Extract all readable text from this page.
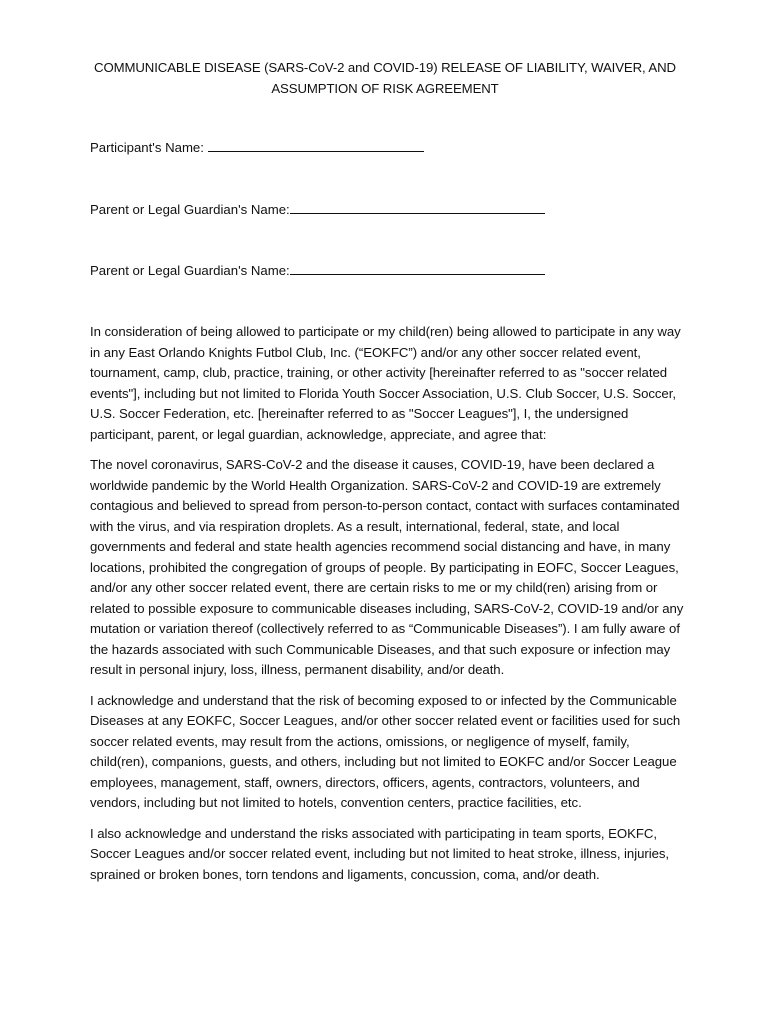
COMMUNICABLE DISEASE (SARS-CoV-2 and COVID-19) RELEASE OF LIABILITY, WAIVER, AND ASSUMPTION OF RISK AGREEMENT
Participant's Name:
Parent or Legal Guardian's Name:
Parent or Legal Guardian's Name:

In consideration of being allowed to participate or my child(ren) being allowed to participate in any way in any East Orlando Knights Futbol Club, Inc. (“EOKFC”) and/or any other soccer related event, tournament, camp, club, practice, training, or other activity [hereinafter referred to as "soccer related events"], including but not limited to Florida Youth Soccer Association, U.S. Club Soccer, U.S. Soccer, U.S. Soccer Federation, etc. [hereinafter referred to as "Soccer Leagues"], I, the undersigned participant, parent, or legal guardian, acknowledge, appreciate, and agree that:

The novel coronavirus, SARS-CoV-2 and the disease it causes, COVID-19, have been declared a worldwide pandemic by the World Health Organization. SARS-CoV-2 and COVID-19 are extremely contagious and believed to spread from person-to-person contact, contact with surfaces contaminated with the virus, and via respiration droplets. As a result, international, federal, state, and local governments and federal and state health agencies recommend social distancing and have, in many locations, prohibited the congregation of groups of people. By participating in EOFC, Soccer Leagues, and/or any other soccer related event, there are certain risks to me or my child(ren) arising from or related to possible exposure to communicable diseases including, SARS-CoV-2, COVID-19 and/or any mutation or variation thereof (collectively referred to as “Communicable Diseases”). I am fully aware of the hazards associated with such Communicable Diseases, and that such exposure or infection may result in personal injury, loss, illness, permanent disability, and/or death.

I acknowledge and understand that the risk of becoming exposed to or infected by the Communicable Diseases at any EOKFC, Soccer Leagues, and/or other soccer related event or facilities used for such soccer related events, may result from the actions, omissions, or negligence of myself, family, child(ren), companions, guests, and others, including but not limited to EOKFC and/or Soccer League employees, management, staff, owners, directors, officers, agents, contractors, volunteers, and vendors, including but not limited to hotels, convention centers, practice facilities, etc.

I also acknowledge and understand the risks associated with participating in team sports, EOKFC, Soccer Leagues and/or soccer related event, including but not limited to heat stroke, illness, injuries, sprained or broken bones, torn tendons and ligaments, concussion, coma, and/or death.
